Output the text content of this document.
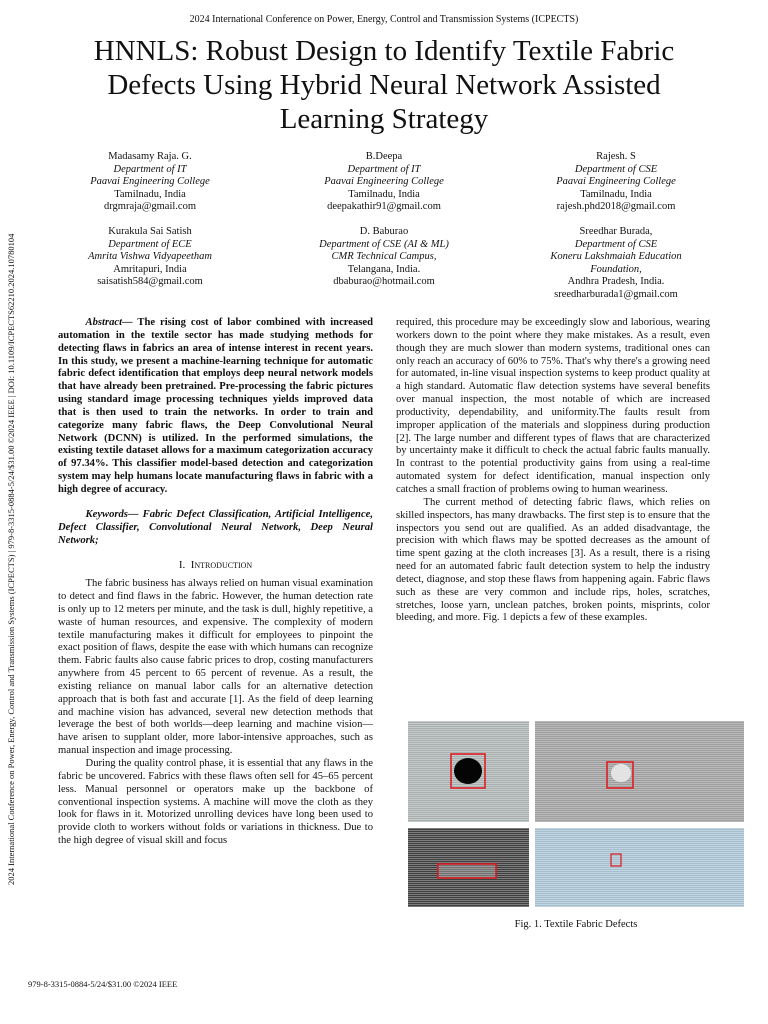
2024 International Conference on Power, Energy, Control and Transmission Systems (ICPECTS)
HNNLS: Robust Design to Identify Textile Fabric
Defects Using Hybrid Neural Network Assisted
Learning Strategy
2024 International Conference on Power, Energy, Control and Transmission Systems (ICPECTS) | 979-8-3315-0884-5/24/$31.00 ©2024 IEEE | DOI: 10.1109/ICPECTS62210.2024.10780104
Madasamy Raja. G.
Department of IT
Paavai Engineering College
Tamilnadu, India
drgmraja@gmail.com
B.Deepa
Department of IT
Paavai Engineering College
Tamilnadu, India
deepakathir91@gmail.com
Rajesh. S
Department of CSE
Paavai Engineering College
Tamilnadu, India
rajesh.phd2018@gmail.com
Kurakula Sai Satish
Department of ECE
Amrita Vishwa Vidyapeetham
Amritapuri, India
saisatish584@gmail.com
D. Baburao
Department of CSE (AI & ML)
CMR Technical Campus,
Telangana, India.
dbaburao@hotmail.com
Sreedhar Burada,
Department of CSE
Koneru Lakshmaiah Education
Foundation,
Andhra Pradesh, India.
sreedharburada1@gmail.com

Abstract— The rising cost of labor combined with increased automation in the textile sector has made studying methods for detecting flaws in fabrics an area of intense interest in recent years. In this study, we present a machine-learning technique for automatic fabric defect identification that employs deep neural network models that have already been pretrained. Pre-processing the fabric pictures using standard image processing techniques yields improved data that is then used to train the networks. In order to train and categorize many fabric flaws, the Deep Convolutional Neural Network (DCNN) is utilized. In the performed simulations, the existing textile dataset allows for a maximum categorization accuracy of 97.34%. This classifier model-based detection and categorization system may help humans locate manufacturing flaws in fabric with a high degree of accuracy.

Keywords— Fabric Defect Classification, Artificial Intelligence, Defect Classifier, Convolutional Neural Network, Deep Neural Network;

I. Introduction

The fabric business has always relied on human visual examination to detect and find flaws in the fabric. However, the human detection rate is only up to 12 meters per minute, and the task is dull, highly repetitive, a waste of human resources, and expensive. The complexity of modern textile manufacturing makes it difficult for employees to pinpoint the exact position of flaws, despite the ease with which humans can recognize them. Fabric faults also cause fabric prices to drop, costing manufacturers anywhere from 45 percent to 65 percent of revenue. As a result, the existing reliance on manual labor calls for an alternative detection approach that is both fast and accurate [1]. As the field of deep learning and machine vision has advanced, several new detection methods that leverage the best of both worlds—deep learning and machine vision—have arisen to supplant older, more labor-intensive approaches, such as manual inspection and image processing.

During the quality control phase, it is essential that any flaws in the fabric be uncovered. Fabrics with these flaws often sell for 45–65 percent less. Manual personnel or operators make up the backbone of conventional inspection systems. A machine will move the cloth as they look for flaws in it. Motorized unrolling devices have long been used to provide cloth to workers without folds or variations in thickness. Due to the high degree of visual skill and focus

required, this procedure may be exceedingly slow and laborious, wearing workers down to the point where they make mistakes. As a result, even though they are much slower than modern systems, traditional ones can only reach an accuracy of 60% to 75%. That's why there's a growing need for automated, in-line visual inspection systems to keep product quality at a high standard. Automatic flaw detection systems have several benefits over manual inspection, the most notable of which are increased productivity, dependability, and uniformity.The faults result from improper application of the materials and sloppiness during production [2]. The large number and different types of flaws that are characterized by uncertainty make it difficult to check the actual fabric faults manually. In contrast to the potential productivity gains from using a real-time automated system for defect identification, manual inspection only catches a small fraction of problems owing to human weariness.

The current method of detecting fabric flaws, which relies on skilled inspectors, has many drawbacks. The first step is to ensure that the inspectors you send out are qualified. As an added disadvantage, the precision with which flaws may be spotted decreases as the amount of time spent gazing at the cloth increases [3]. As a result, there is a rising need for an automated fabric fault detection system to help the industry detect, diagnose, and stop these flaws from happening again. Fabric flaws such as these are very common and include rips, holes, scratches, stretches, loose yarn, unclean patches, broken points, misprints, color bleeding, and more. Fig. 1 depicts a few of these examples.

Fig. 1. Textile Fabric Defects
979-8-3315-0884-5/24/$31.00 ©2024 IEEE
